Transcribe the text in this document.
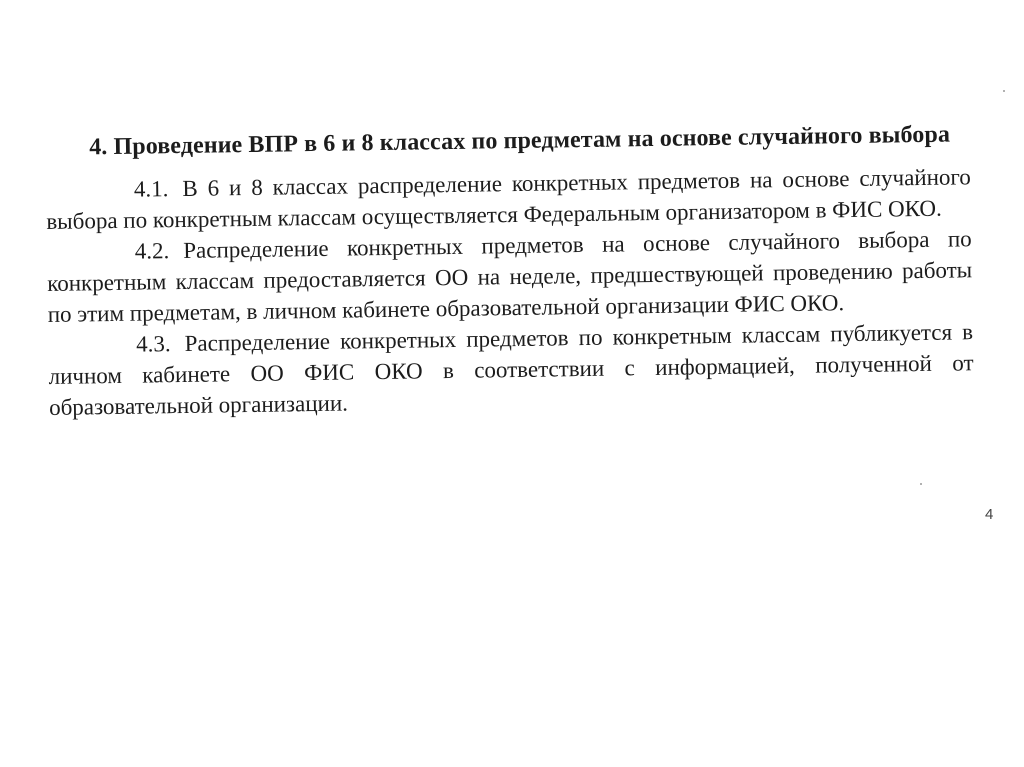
4. Проведение ВПР в 6 и 8 классах по предметам на основе случайного выбора

4.1. В 6 и 8 классах распределение конкретных предметов на основе случайного выбора по конкретным классам осуществляется Федеральным организатором в ФИС ОКО.

4.2. Распределение конкретных предметов на основе случайного выбора по конкретным классам предоставляется ОО на неделе, предшествующей проведению работы по этим предметам, в личном кабинете образовательной организации ФИС ОКО.

4.3. Распределение конкретных предметов по конкретным классам публикуется в личном кабинете ОО ФИС ОКО в соответствии с информацией, полученной от образовательной организации.

4
